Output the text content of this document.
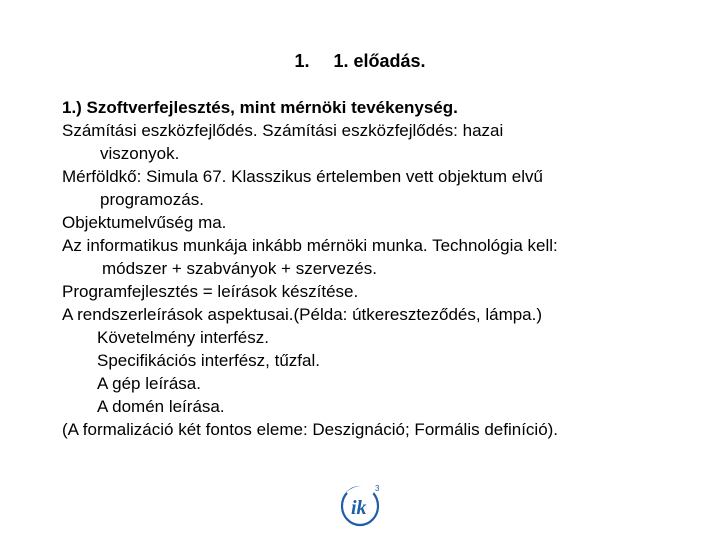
1. 1. előadás.
1.) Szoftverfejlesztés, mint mérnöki tevékenység.
Számítási eszközfejlődés. Számítási eszközfejlődés: hazai
viszonyok.
Mérföldkő: Simula 67. Klasszikus értelemben vett objektum elvű
programozás.
Objektumelvűség ma.
Az informatikus munkája inkább mérnöki munka. Technológia kell:
módszer + szabványok + szervezés.
Programfejlesztés = leírások készítése.
A rendszerleírások aspektusai.(Példa: útkereszteződés, lámpa.)
Követelmény interfész.
Specifikációs interfész, tűzfal.
A gép leírása.
A domén leírása.
(A formalizáció két fontos eleme: Deszignáció; Formális definíció).
ik
3
